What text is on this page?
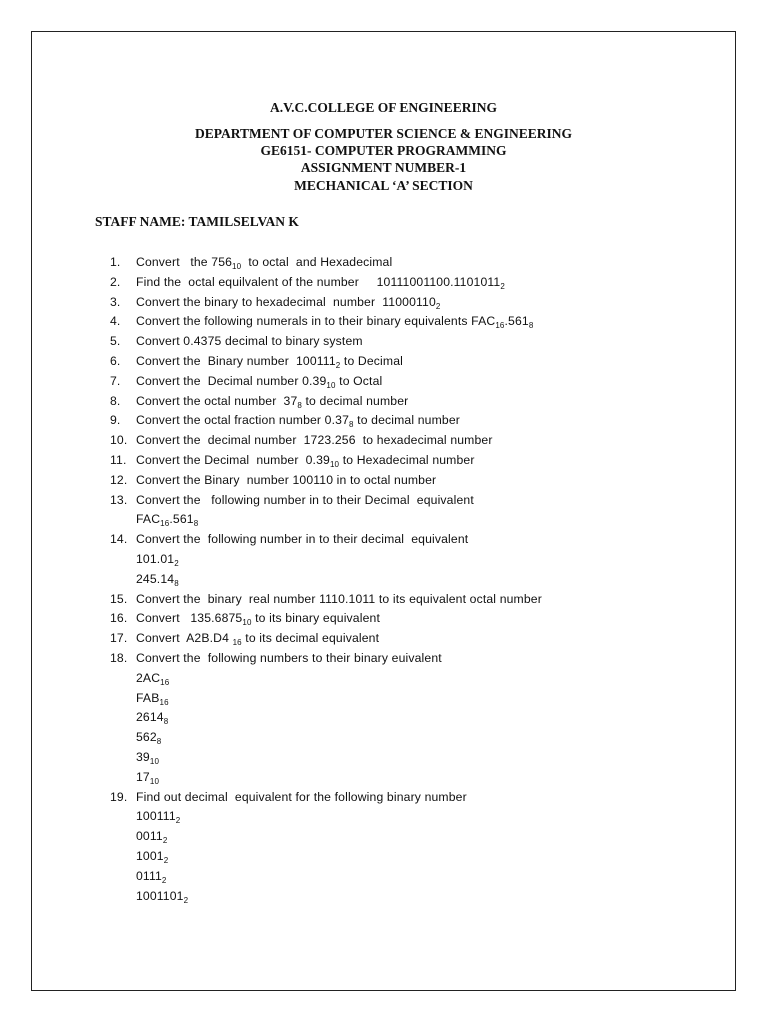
A.V.C.COLLEGE OF ENGINEERING
DEPARTMENT OF COMPUTER SCIENCE & ENGINEERING
GE6151- COMPUTER PROGRAMMING
ASSIGNMENT NUMBER-1
MECHANICAL ‘A’ SECTION
STAFF NAME: TAMILSELVAN K
1.	Convert   the $756_{10}$  to octal  and Hexadecimal
2.	Find the  octal equilvalent of the number     $10111001100.1101011_2$
3.	Convert the binary to hexadecimal  number  $11000110_2$
4.	Convert the following numerals in to their binary equivalents $FAC_{16}.561_8$
5.	Convert 0.4375 decimal to binary system
6.	Convert the  Binary number  $100111_2$ to Decimal
7.	Convert the  Decimal number $0.39_{10}$ to Octal
8.	Convert the octal number  $37_8$ to decimal number
9.	Convert the octal fraction number $0.37_8$ to decimal number
10. Convert the  decimal number  1723.256  to hexadecimal number
11. Convert the Decimal  number  $0.39_{10}$ to Hexadecimal number
12. Convert the Binary  number 100110 in to octal number
13. Convert the   following number in to their Decimal  equivalent
$FAC_{16}.561_8$
14. Convert the  following number in to their decimal  equivalent
$101.01_2$
$245.14_8$
15. Convert the  binary  real number 1110.1011 to its equivalent octal number
16. Convert   $135.6875_{10}$ to its binary equivalent
17. Convert  A2B.D4 $_{16}$ to its decimal equivalent
18. Convert the  following numbers to their binary euivalent
$2AC_{16}$
$FAB_{16}$
$2614_8$
$562_8$
$39_{10}$
$17_{10}$
19. Find out decimal  equivalent for the following binary number
$100111_2$
$0011_2$
$1001_2$
$0111_2$
$1001101_2$
